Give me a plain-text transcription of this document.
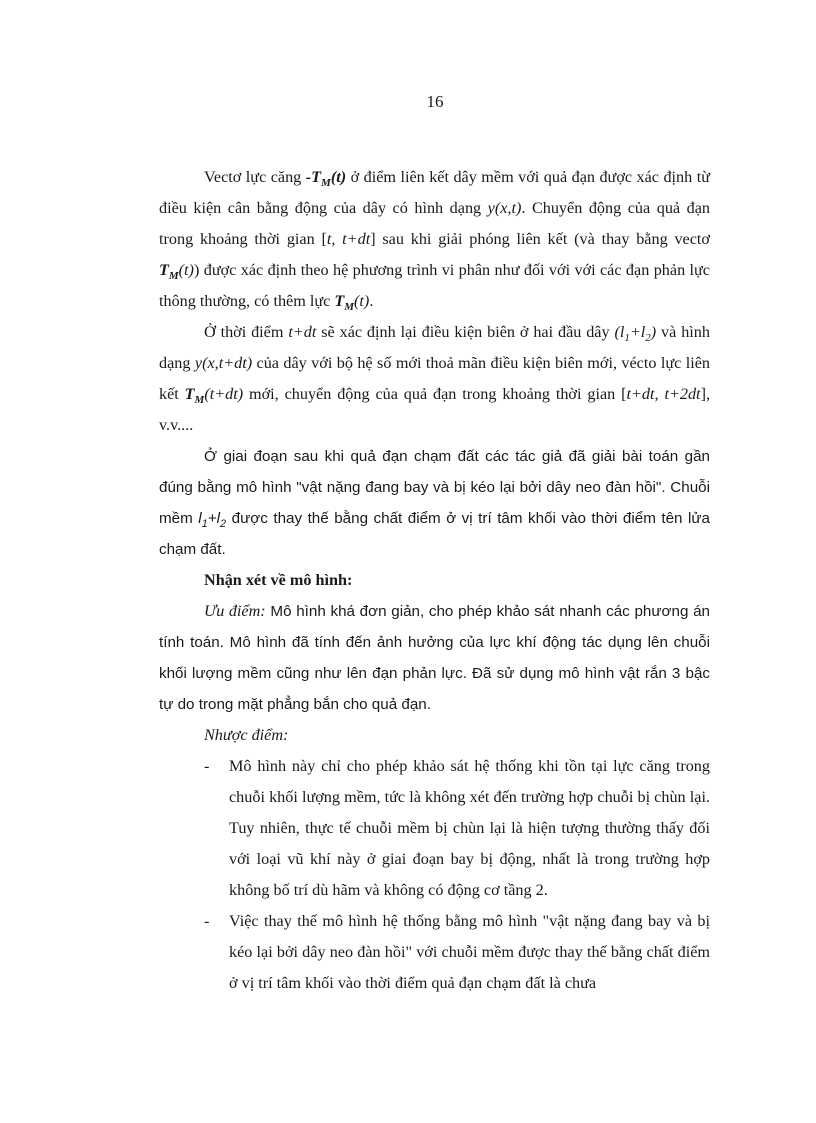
16

Vectơ lực căng $-T_M(t)$ ở điểm liên kết dây mềm với quả đạn được xác định từ điều kiện cân bằng động của dây có hình dạng y(x,t). Chuyển động của quả đạn trong khoảng thời gian [t, t+dt] sau khi giải phóng liên kết (và thay bằng vectơ $T_M(t)$) được xác định theo hệ phương trình vi phân như đối với với các đạn phản lực thông thường, có thêm lực $T_M(t)$.

Ở thời điểm t+dt sẽ xác định lại điều kiện biên ở hai đầu dây $(l_1+l_2)$ và hình dạng y(x,t+dt) của dây với bộ hệ số mới thoả mãn điều kiện biên mới, vécto lực liên kết $T_M(t+dt)$ mới, chuyển động của quả đạn trong khoảng thời gian [t+dt, t+2dt], v.v....

Ở giai đoạn sau khi quả đạn chạm đất các tác giả đã giải bài toán gần đúng bằng mô hình "vật nặng đang bay và bị kéo lại bởi dây neo đàn hồi". Chuỗi mềm $l_1+l_2$ được thay thế bằng chất điểm ở vị trí tâm khối vào thời điểm tên lửa chạm đất.

Nhận xét về mô hình:

Ưu điểm: Mô hình khá đơn giản, cho phép khảo sát nhanh các phương án tính toán. Mô hình đã tính đến ảnh hưởng của lực khí động tác dụng lên chuỗi khối lượng mềm cũng như lên đạn phản lực. Đã sử dụng mô hình vật rắn 3 bậc tự do trong mặt phẳng bắn cho quả đạn.

Nhược điểm:

- Mô hình này chỉ cho phép khảo sát hệ thống khi tồn tại lực căng trong chuỗi khối lượng mềm, tức là không xét đến trường hợp chuỗi bị chùn lại. Tuy nhiên, thực tế chuỗi mềm bị chùn lại là hiện tượng thường thấy đối với loại vũ khí này ở giai đoạn bay bị động, nhất là trong trường hợp không bố trí dù hãm và không có động cơ tầng 2.
- Việc thay thế mô hình hệ thống bằng mô hình "vật nặng đang bay và bị kéo lại bởi dây neo đàn hồi" với chuỗi mềm được thay thế bằng chất điểm ở vị trí tâm khối vào thời điểm quả đạn chạm đất là chưa
